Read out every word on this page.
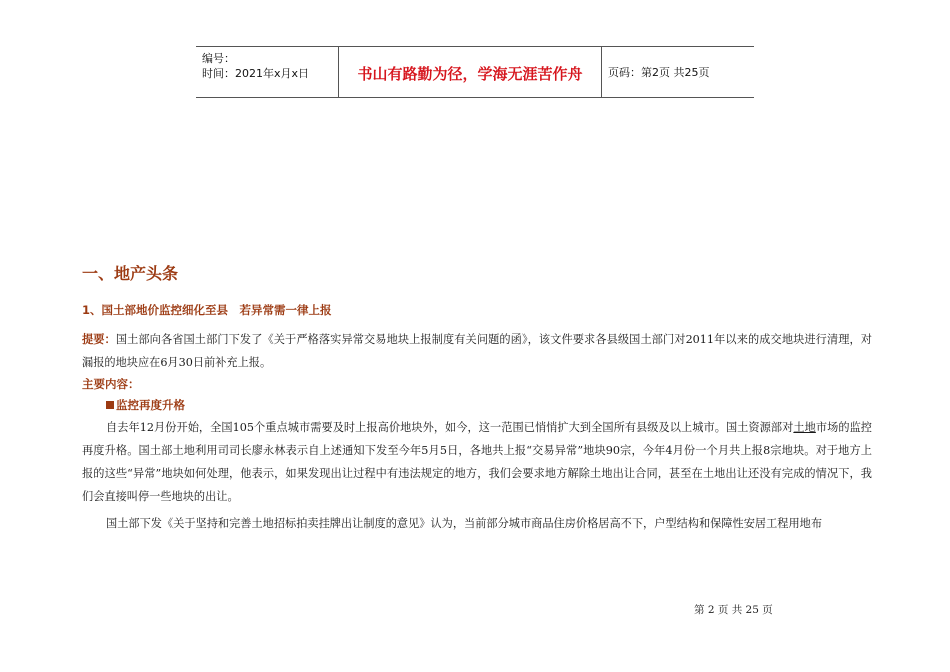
编号：
时间：2021年x月x日	书山有路勤为径，学海无涯苦作舟 页码：第2页 共25页
一、地产头条
1、国土部地价监控细化至县　若异常需一律上报

提要：国土部向各省国土部门下发了《关于严格落实异常交易地块上报制度有关问题的函》，该文件要求各县级国土部门对2011年以来的成交地块进行清理，对漏报的地块应在6月30日前补充上报。

主要内容：

监控再度升格

自去年12月份开始，全国105个重点城市需要及时上报高价地块外，如今，这一范围已悄悄扩大到全国所有县级及以上城市。国土资源部对土地市场的监控再度升格。国土部土地利用司司长廖永林表示自上述通知下发至今年5月5日，各地共上报“交易异常”地块90宗，今年4月份一个月共上报8宗地块。对于地方上报的这些“异常”地块如何处理，他表示，如果发现出让过程中有违法规定的地方，我们会要求地方解除土地出让合同，甚至在土地出让还没有完成的情况下，我们会直接叫停一些地块的出让。

国土部下发《关于坚持和完善土地招标拍卖挂牌出让制度的意见》认为，当前部分城市商品住房价格居高不下，户型结构和保障性安居工程用地布

第 2 页 共 25 页
